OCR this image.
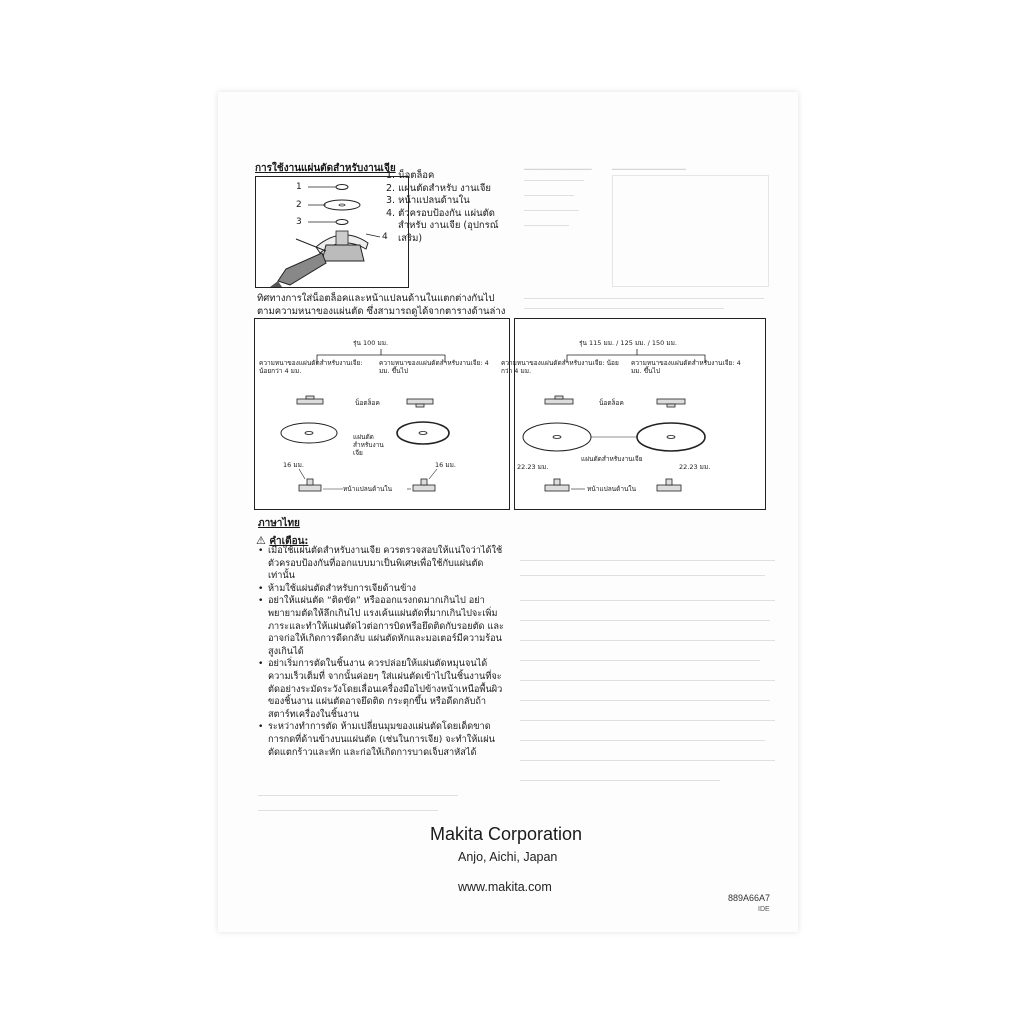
▁▁▁▁▁▁▁▁▁▁▁	▁▁▁▁▁▁▁▁▁▁▁▁
การใช้งานแผ่นตัดสำหรับงานเจีย
1
2
3
4
1. น็อตล็อค
2. แผ่นตัดสำหรับ งานเจีย
3. หน้าแปลนด้านใน
4. ตัวครอบป้องกัน แผ่นตัดสำหรับ งานเจีย (อุปกรณ์ เสริม)
ทิศทางการใส่น็อตล็อคและหน้าแปลนด้านในแตกต่างกันไป ตามความหนาของแผ่นตัด ซึ่งสามารถดูได้จากตารางด้านล่าง
รุ่น 100 มม.
ความหนาของแผ่นตัดสำหรับงานเจีย: น้อยกว่า 4 มม.
ความหนาของแผ่นตัดสำหรับงานเจีย: 4 มม. ขึ้นไป
น็อตล็อค
แผ่นตัดสำหรับงานเจีย
16 มม.	16 มม.
หน้าแปลนด้านใน
รุ่น 115 มม. / 125 มม. / 150 มม.
ความหนาของแผ่นตัดสำหรับงานเจีย: น้อยกว่า 4 มม.
ความหนาของแผ่นตัดสำหรับงานเจีย: 4 มม. ขึ้นไป
น็อตล็อค
แผ่นตัดสำหรับงานเจีย
22.23 มม.	22.23 มม.
หน้าแปลนด้านใน
ภาษาไทย
⚠ คำเตือน:
• เมื่อใช้แผ่นตัดสำหรับงานเจีย ควรตรวจสอบให้แน่ใจว่าได้ใช้ตัวครอบป้องกันที่ออกแบบมาเป็นพิเศษเพื่อใช้กับแผ่นตัดเท่านั้น
• ห้ามใช้แผ่นตัดสำหรับการเจียด้านข้าง
• อย่าให้แผ่นตัด “ติดขัด” หรือออกแรงกดมากเกินไป อย่าพยายามตัดให้ลึกเกินไป แรงเค้นแผ่นตัดที่มากเกินไปจะเพิ่มภาระและทำให้แผ่นตัดไวต่อการบิดหรือยึดติดกับรอยตัด และอาจก่อให้เกิดการดีดกลับ แผ่นตัดหักและมอเตอร์มีความร้อนสูงเกินได้
• อย่าเริ่มการตัดในชิ้นงาน ควรปล่อยให้แผ่นตัดหมุนจนได้ความเร็วเต็มที่ จากนั้นค่อยๆ ใส่แผ่นตัดเข้าไปในชิ้นงานที่จะตัดอย่างระมัดระวังโดยเลื่อนเครื่องมือไปข้างหน้าเหนือพื้นผิวของชิ้นงาน แผ่นตัดอาจยึดติด กระตุกขึ้น หรือดีดกลับถ้าสตาร์ทเครื่องในชิ้นงาน
• ระหว่างทำการตัด ห้ามเปลี่ยนมุมของแผ่นตัดโดยเด็ดขาด การกดที่ด้านข้างบนแผ่นตัด (เช่นในการเจีย) จะทำให้แผ่นตัดแตกร้าวและหัก และก่อให้เกิดการบาดเจ็บสาหัสได้
Makita Corporation
Anjo, Aichi, Japan
www.makita.com
889A66A7
IDE
